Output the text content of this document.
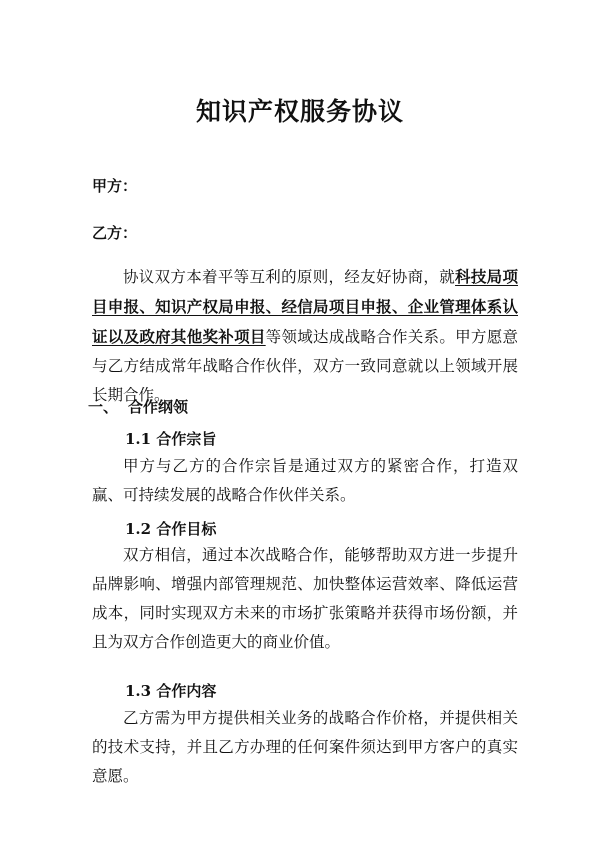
知识产权服务协议
甲方：
乙方：
协议双方本着平等互利的原则，经友好协商，就科技局项目申报、知识产权局申报、经信局项目申报、企业管理体系认证以及政府其他奖补项目等领域达成战略合作关系。甲方愿意与乙方结成常年战略合作伙伴，双方一致同意就以上领域开展长期合作。
一、 合作纲领
1.1 合作宗旨
甲方与乙方的合作宗旨是通过双方的紧密合作，打造双赢、可持续发展的战略合作伙伴关系。
1.2 合作目标
双方相信，通过本次战略合作，能够帮助双方进一步提升品牌影响、增强内部管理规范、加快整体运营效率、降低运营成本，同时实现双方未来的市场扩张策略并获得市场份额，并且为双方合作创造更大的商业价值。
1.3 合作内容
乙方需为甲方提供相关业务的战略合作价格，并提供相关的技术支持，并且乙方办理的任何案件须达到甲方客户的真实意愿。
